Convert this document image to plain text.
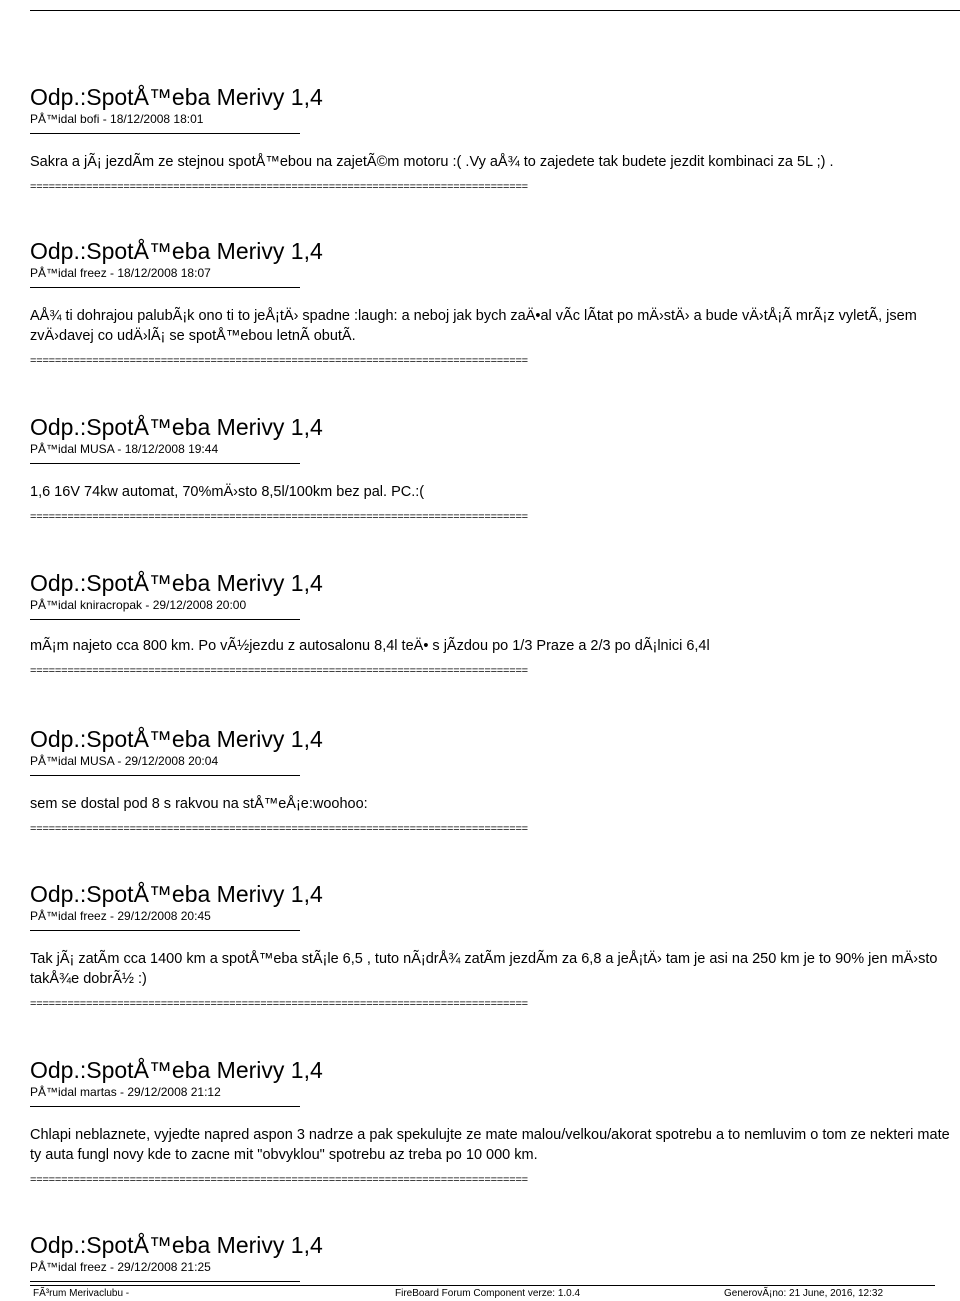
Odp.:SpotÅ™eba Merivy 1,4
PÅ™idal bofi - 18/12/2008 18:01
Sakra a jÃ¡ jezdÃm ze stejnou spotÅ™ebou na zajetÃ©m motoru :( .Vy aÅ¾ to zajedete tak budete jezdit kombinaci za 5L ;) .
================================================================================
Odp.:SpotÅ™eba Merivy 1,4
PÅ™idal freez - 18/12/2008 18:07
AÅ¾ ti dohrajou palubÃ¡k ono ti to jeÅ¡tÄ› spadne :laugh: a neboj jak bych zaÄ•al vÃc lÃtat po mÄ›stÄ› a bude vÄ›tÅ¡Ã mrÃ¡z vyletÃ, jsem zvÄ›davej co udÄ›lÃ¡ se spotÅ™ebou letnÃ obutÃ.
================================================================================
Odp.:SpotÅ™eba Merivy 1,4
PÅ™idal MUSA - 18/12/2008 19:44
1,6 16V 74kw automat, 70%mÄ›sto 8,5l/100km bez pal. PC.:(
================================================================================
Odp.:SpotÅ™eba Merivy 1,4
PÅ™idal kniracropak - 29/12/2008 20:00
mÃ¡m najeto cca 800 km. Po vÃ½jezdu z autosalonu 8,4l teÄ• s jÃzdou po 1/3 Praze a 2/3 po dÃ¡lnici 6,4l
================================================================================
Odp.:SpotÅ™eba Merivy 1,4
PÅ™idal MUSA - 29/12/2008 20:04
sem se dostal pod 8 s rakvou na stÅ™eÅ¡e:woohoo:
================================================================================
Odp.:SpotÅ™eba Merivy 1,4
PÅ™idal freez - 29/12/2008 20:45
Tak jÃ¡ zatÃm cca 1400 km a spotÅ™eba stÃ¡le 6,5 , tuto nÃ¡drÅ¾ zatÃm jezdÃm za 6,8 a jeÅ¡tÄ› tam je asi na 250 km je to 90% jen mÄ›sto takÅ¾e dobrÃ½ :)
================================================================================
Odp.:SpotÅ™eba Merivy 1,4
PÅ™idal martas - 29/12/2008 21:12
Chlapi neblaznete, vyjedte napred aspon 3 nadrze a pak spekulujte ze mate malou/velkou/akorat spotrebu a to nemluvim o tom ze nekteri mate ty auta fungl novy kde to zacne mit "obvyklou" spotrebu az treba po 10 000 km.
================================================================================
Odp.:SpotÅ™eba Merivy 1,4
PÅ™idal freez - 29/12/2008 21:25
FÃ³rum Merivaclubu -	FireBoard Forum Component verze: 1.0.4	GenerovÃ¡no: 21 June, 2016, 12:32
